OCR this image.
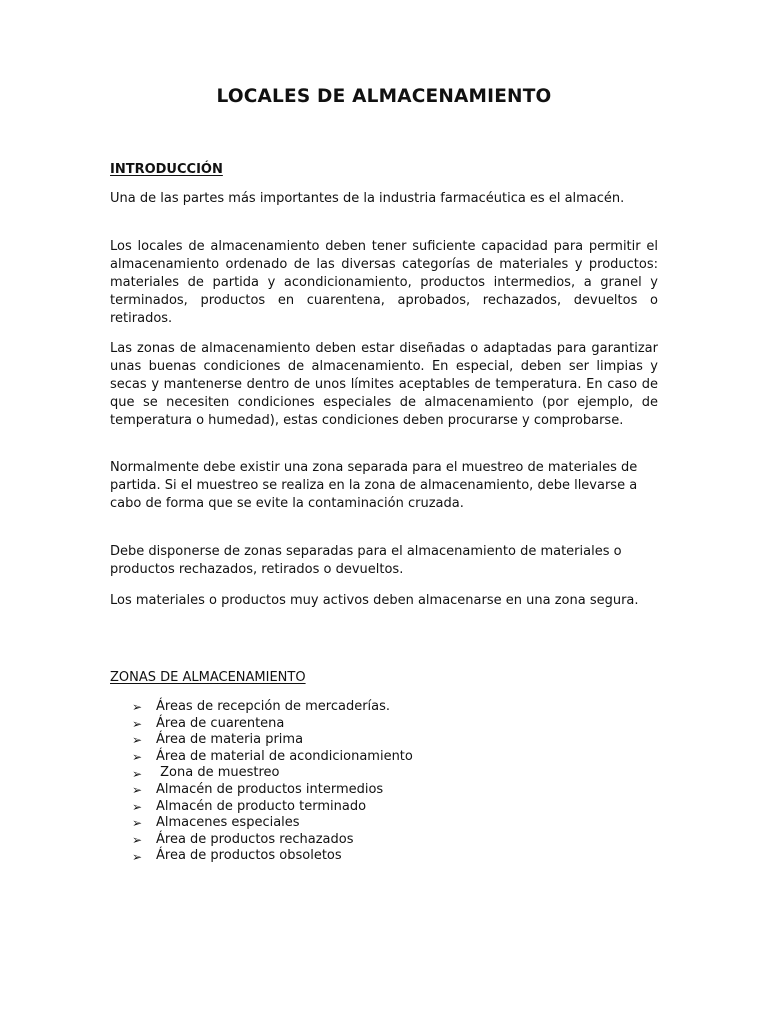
LOCALES DE ALMACENAMIENTO
INTRODUCCIÓN

Una de las partes más importantes de la industria farmacéutica es el almacén.

Los locales de almacenamiento deben tener suficiente capacidad para permitir el almacenamiento ordenado de las diversas categorías de materiales y productos: materiales de partida y acondicionamiento, productos intermedios, a granel y terminados, productos en cuarentena, aprobados, rechazados, devueltos o retirados.

Las zonas de almacenamiento deben estar diseñadas o adaptadas para garantizar unas buenas condiciones de almacenamiento. En especial, deben ser limpias y secas y mantenerse dentro de unos límites aceptables de temperatura. En caso de que se necesiten condiciones especiales de almacenamiento (por ejemplo, de temperatura o humedad), estas condiciones deben procurarse y comprobarse.

Normalmente debe existir una zona separada para el muestreo de materiales de partida. Si el muestreo se realiza en la zona de almacenamiento, debe llevarse a cabo de forma que se evite la contaminación cruzada.

Debe disponerse de zonas separadas para el almacenamiento de materiales o productos rechazados, retirados o devueltos.

Los materiales o productos muy activos deben almacenarse en una zona segura.

ZONAS DE ALMACENAMIENTO
➢	Áreas de recepción de mercaderías.
➢	Área de cuarentena
➢	Área de materia prima
➢	Área de material de acondicionamiento
➢	Zona de muestreo
➢	Almacén de productos intermedios
➢	Almacén de producto terminado
➢	Almacenes especiales
➢	Área de productos rechazados
➢	Área de productos obsoletos
